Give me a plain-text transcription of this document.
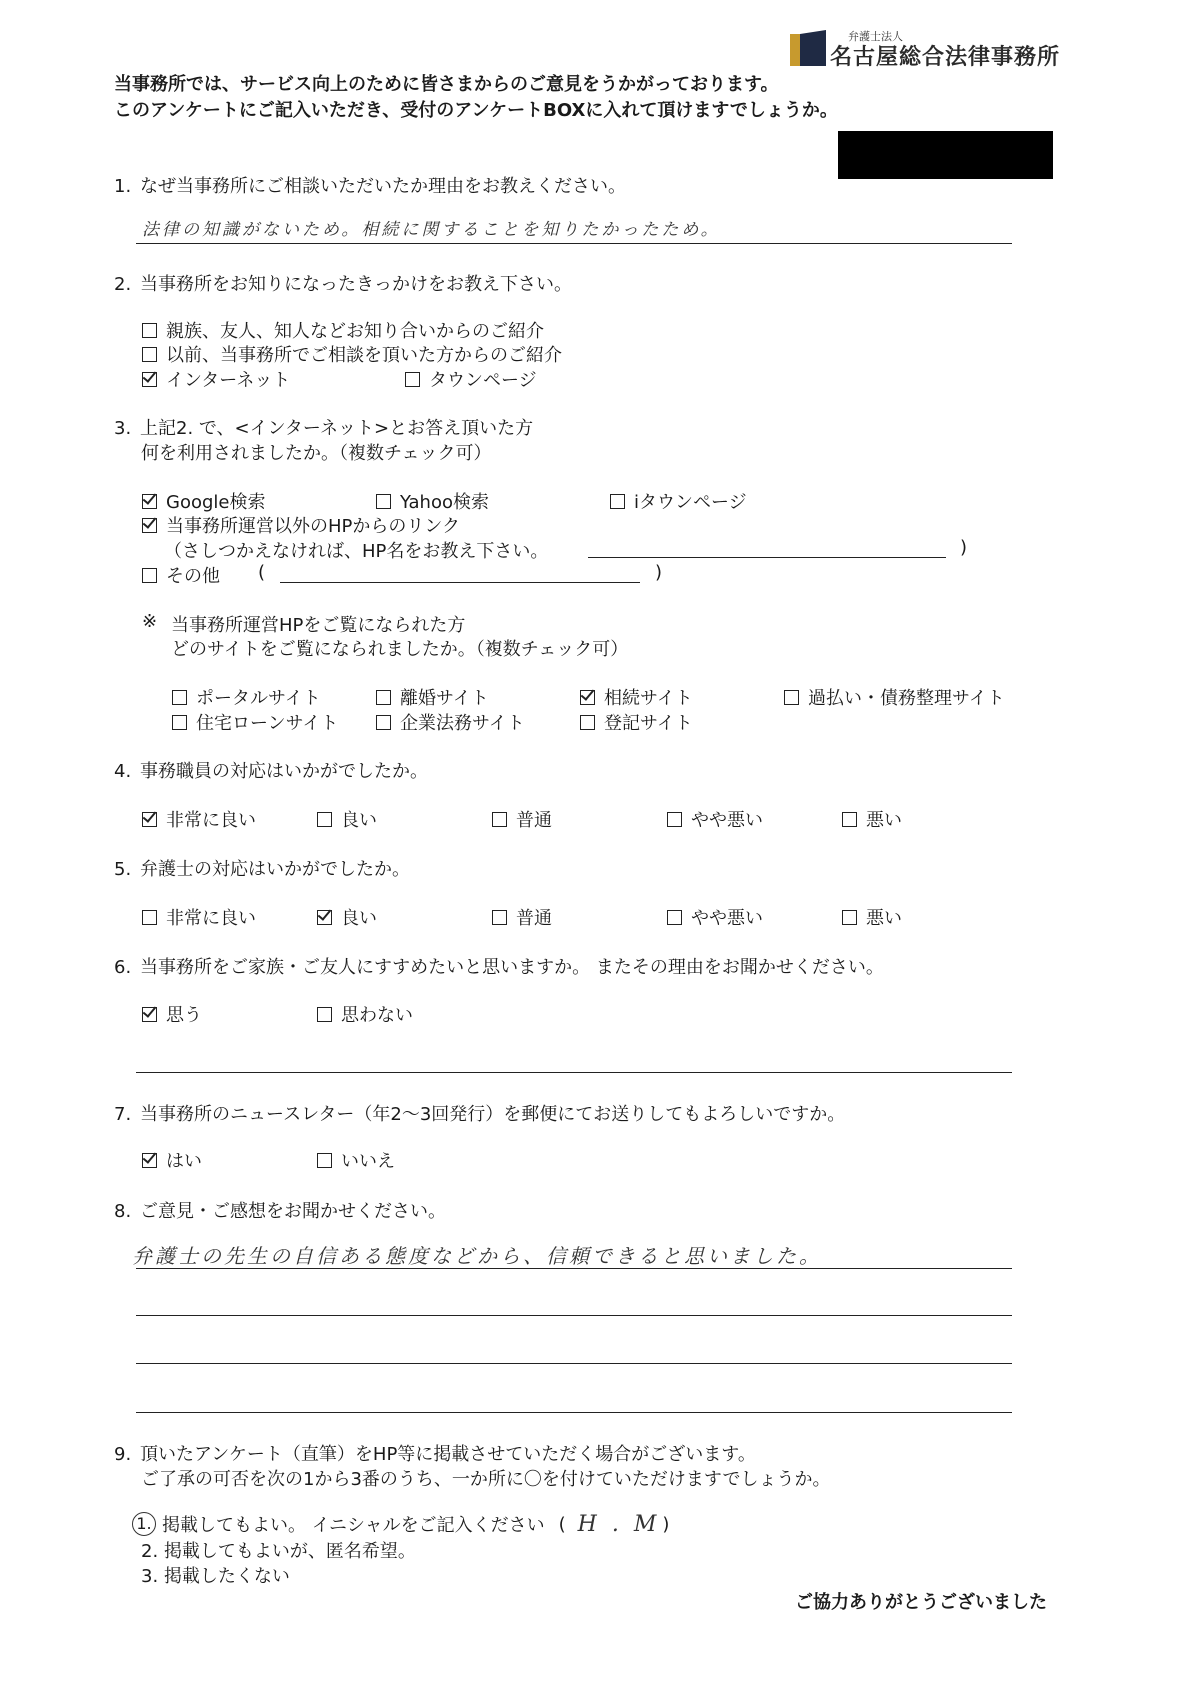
弁護士法人
名古屋総合法律事務所
当事務所では、サービス向上のために皆さまからのご意見をうかがっております。
このアンケートにご記入いただき、受付のアンケートBOXに入れて頂けますでしょうか。
1. なぜ当事務所にご相談いただいたか理由をお教えください。
法律の知識がないため。相続に関することを知りたかったため。
2. 当事務所をお知りになったきっかけをお教え下さい。
親族、友人、知人などお知り合いからのご紹介
以前、当事務所でご相談を頂いた方からのご紹介
インターネット	タウンページ
3. 上記2. で、<インターネット>とお答え頂いた方
何を利用されましたか。（複数チェック可）
Google検索	Yahoo検索	iタウンページ
当事務所運営以外のHPからのリンク
（さしつかえなければ、HP名をお教え下さい。	)
その他 (	)
※ 当事務所運営HPをご覧になられた方
どのサイトをご覧になられましたか。（複数チェック可）
ポータルサイト	離婚サイト	相続サイト	過払い・債務整理サイト
住宅ローンサイト	企業法務サイト	登記サイト
4. 事務職員の対応はいかがでしたか。
非常に良い	良い	普通	やや悪い	悪い
5. 弁護士の対応はいかがでしたか。
非常に良い	良い	普通	やや悪い	悪い
6. 当事務所をご家族・ご友人にすすめたいと思いますか。 またその理由をお聞かせください。
思う	思わない
7. 当事務所のニュースレター（年2～3回発行）を郵便にてお送りしてもよろしいですか。
はい	いいえ
8. ご意見・ご感想をお聞かせください。
弁護士の先生の自信ある態度などから、信頼できると思いました。
9. 頂いたアンケート（直筆）をHP等に掲載させていただく場合がございます。
ご了承の可否を次の1から3番のうち、一か所に〇を付けていただけますでしょうか。
1. 掲載してもよい。 イニシャルをご記入ください ( H . M )
2. 掲載してもよいが、匿名希望。
3. 掲載したくない
ご協力ありがとうございました
